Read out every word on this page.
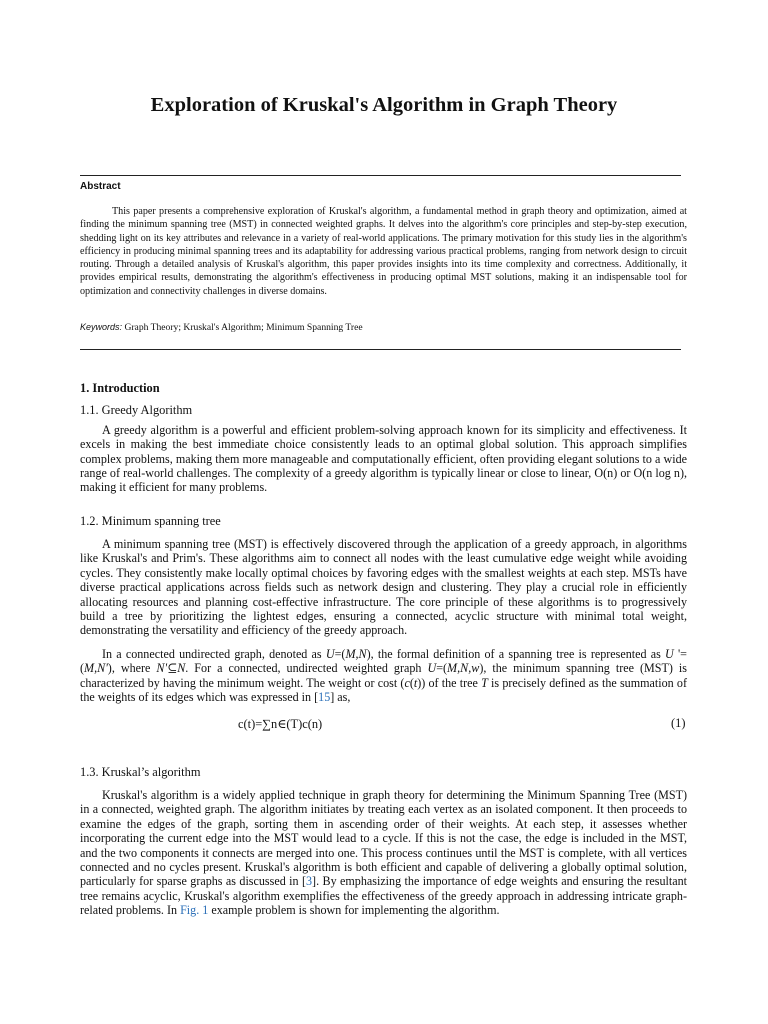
Exploration of Kruskal's Algorithm in Graph Theory
Abstract

This paper presents a comprehensive exploration of Kruskal's algorithm, a fundamental method in graph theory and optimization, aimed at finding the minimum spanning tree (MST) in connected weighted graphs. It delves into the algorithm's core principles and step-by-step execution, shedding light on its key attributes and relevance in a variety of real-world applications. The primary motivation for this study lies in the algorithm's efficiency in producing minimal spanning trees and its adaptability for addressing various practical problems, ranging from network design to circuit routing. Through a detailed analysis of Kruskal's algorithm, this paper provides insights into its time complexity and correctness. Additionally, it provides empirical results, demonstrating the algorithm's effectiveness in producing optimal MST solutions, making it an indispensable tool for optimization and connectivity challenges in diverse domains.

Keywords: Graph Theory; Kruskal's Algorithm; Minimum Spanning Tree
1. Introduction
1.1. Greedy Algorithm

A greedy algorithm is a powerful and efficient problem-solving approach known for its simplicity and effectiveness. It excels in making the best immediate choice consistently leads to an optimal global solution. This approach simplifies complex problems, making them more manageable and computationally efficient, often providing elegant solutions to a wide range of real-world challenges. The complexity of a greedy algorithm is typically linear or close to linear, O(n) or O(n log n), making it efficient for many problems.

1.2. Minimum spanning tree

A minimum spanning tree (MST) is effectively discovered through the application of a greedy approach, in algorithms like Kruskal's and Prim's. These algorithms aim to connect all nodes with the least cumulative edge weight while avoiding cycles. They consistently make locally optimal choices by favoring edges with the smallest weights at each step. MSTs have diverse practical applications across fields such as network design and clustering. They play a crucial role in efficiently allocating resources and planning cost-effective infrastructure. The core principle of these algorithms is to progressively build a tree by prioritizing the lightest edges, ensuring a connected, acyclic structure with minimal total weight, demonstrating the versatility and efficiency of the greedy approach.

In a connected undirected graph, denoted as U=(M,N), the formal definition of a spanning tree is represented as U '=(M,N'), where N'⊆N. For a connected, undirected weighted graph U=(M,N,w), the minimum spanning tree (MST) is characterized by having the minimum weight. The weight or cost (c(t)) of the tree T is precisely defined as the summation of the weights of its edges which was expressed in [15] as,

c(t)=∑n∈(T)c(n)	(1)
1.3. Kruskal’s algorithm

Kruskal's algorithm is a widely applied technique in graph theory for determining the Minimum Spanning Tree (MST) in a connected, weighted graph. The algorithm initiates by treating each vertex as an isolated component. It then proceeds to examine the edges of the graph, sorting them in ascending order of their weights. At each step, it assesses whether incorporating the current edge into the MST would lead to a cycle. If this is not the case, the edge is included in the MST, and the two components it connects are merged into one. This process continues until the MST is complete, with all vertices connected and no cycles present. Kruskal's algorithm is both efficient and capable of delivering a globally optimal solution, particularly for sparse graphs as discussed in [3]. By emphasizing the importance of edge weights and ensuring the resultant tree remains acyclic, Kruskal's algorithm exemplifies the effectiveness of the greedy approach in addressing intricate graph-related problems. In Fig. 1 example problem is shown for implementing the algorithm.
